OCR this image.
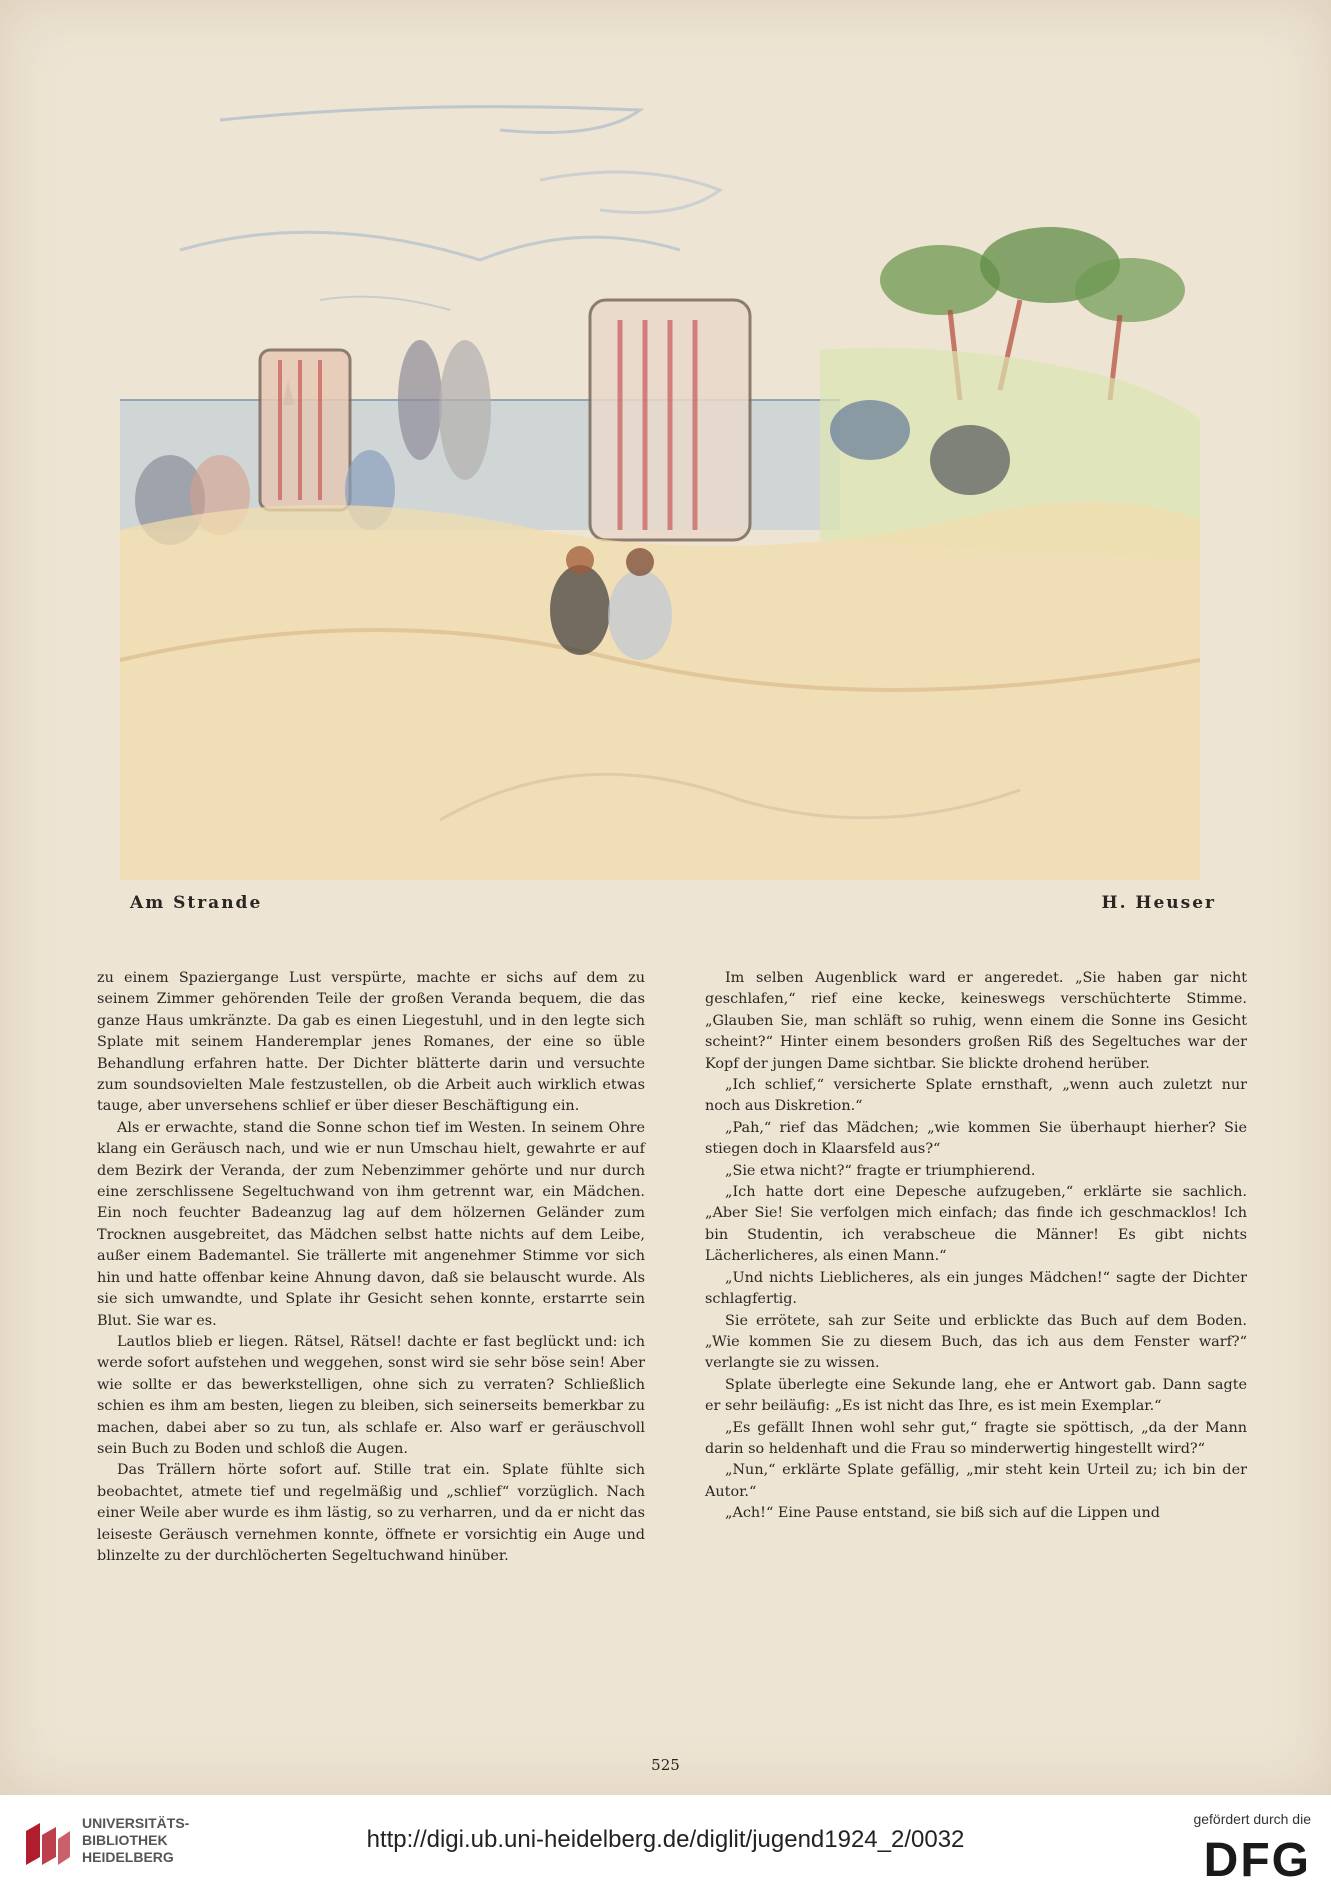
Am Strande	H. Heuser

zu einem Spaziergange Lust verspürte, machte er sichs auf dem zu seinem Zimmer gehörenden Teile der großen Veranda bequem, die das ganze Haus umkränzte. Da gab es einen Liegestuhl, und in den legte sich Splate mit seinem Handeremplar jenes Romanes, der eine so üble Behandlung erfahren hatte. Der Dichter blätterte darin und versuchte zum soundsovielten Male festzustellen, ob die Arbeit auch wirklich etwas tauge, aber unversehens schlief er über dieser Beschäftigung ein.

Als er erwachte, stand die Sonne schon tief im Westen. In seinem Ohre klang ein Geräusch nach, und wie er nun Umschau hielt, gewahrte er auf dem Bezirk der Veranda, der zum Nebenzimmer gehörte und nur durch eine zerschlissene Segeltuchwand von ihm getrennt war, ein Mädchen. Ein noch feuchter Badeanzug lag auf dem hölzernen Geländer zum Trocknen ausgebreitet, das Mädchen selbst hatte nichts auf dem Leibe, außer einem Bademantel. Sie trällerte mit angenehmer Stimme vor sich hin und hatte offenbar keine Ahnung davon, daß sie belauscht wurde. Als sie sich umwandte, und Splate ihr Gesicht sehen konnte, erstarrte sein Blut. Sie war es.

Lautlos blieb er liegen. Rätsel, Rätsel! dachte er fast beglückt und: ich werde sofort aufstehen und weggehen, sonst wird sie sehr böse sein! Aber wie sollte er das bewerkstelligen, ohne sich zu verraten? Schließlich schien es ihm am besten, liegen zu bleiben, sich seinerseits bemerkbar zu machen, dabei aber so zu tun, als schlafe er. Also warf er geräuschvoll sein Buch zu Boden und schloß die Augen.

Das Trällern hörte sofort auf. Stille trat ein. Splate fühlte sich beobachtet, atmete tief und regelmäßig und „schlief“ vorzüglich. Nach einer Weile aber wurde es ihm lästig, so zu verharren, und da er nicht das leiseste Geräusch vernehmen konnte, öffnete er vorsichtig ein Auge und blinzelte zu der durchlöcherten Segeltuchwand hinüber.

Im selben Augenblick ward er angeredet. „Sie haben gar nicht geschlafen,“ rief eine kecke, keineswegs verschüchterte Stimme. „Glauben Sie, man schläft so ruhig, wenn einem die Sonne ins Gesicht scheint?“ Hinter einem besonders großen Riß des Segeltuches war der Kopf der jungen Dame sichtbar. Sie blickte drohend herüber.

„Ich schlief,“ versicherte Splate ernsthaft, „wenn auch zuletzt nur noch aus Diskretion.“

„Pah,“ rief das Mädchen; „wie kommen Sie überhaupt hierher? Sie stiegen doch in Klaarsfeld aus?“

„Sie etwa nicht?“ fragte er triumphierend.

„Ich hatte dort eine Depesche aufzugeben,“ erklärte sie sachlich. „Aber Sie! Sie verfolgen mich einfach; das finde ich geschmacklos! Ich bin Studentin, ich verabscheue die Männer! Es gibt nichts Lächerlicheres, als einen Mann.“

„Und nichts Lieblicheres, als ein junges Mädchen!“ sagte der Dichter schlagfertig.

Sie errötete, sah zur Seite und erblickte das Buch auf dem Boden. „Wie kommen Sie zu diesem Buch, das ich aus dem Fenster warf?“ verlangte sie zu wissen.

Splate überlegte eine Sekunde lang, ehe er Antwort gab. Dann sagte er sehr beiläufig: „Es ist nicht das Ihre, es ist mein Exemplar.“

„Es gefällt Ihnen wohl sehr gut,“ fragte sie spöttisch, „da der Mann darin so heldenhaft und die Frau so minderwertig hingestellt wird?“

„Nun,“ erklärte Splate gefällig, „mir steht kein Urteil zu; ich bin der Autor.“

„Ach!“ Eine Pause entstand, sie biß sich auf die Lippen und

525
UNIVERSITÄTS-
BIBLIOTHEK
HEIDELBERG
http://digi.ub.uni-heidelberg.de/diglit/jugend1924_2/0032
gefördert durch die
DFG
